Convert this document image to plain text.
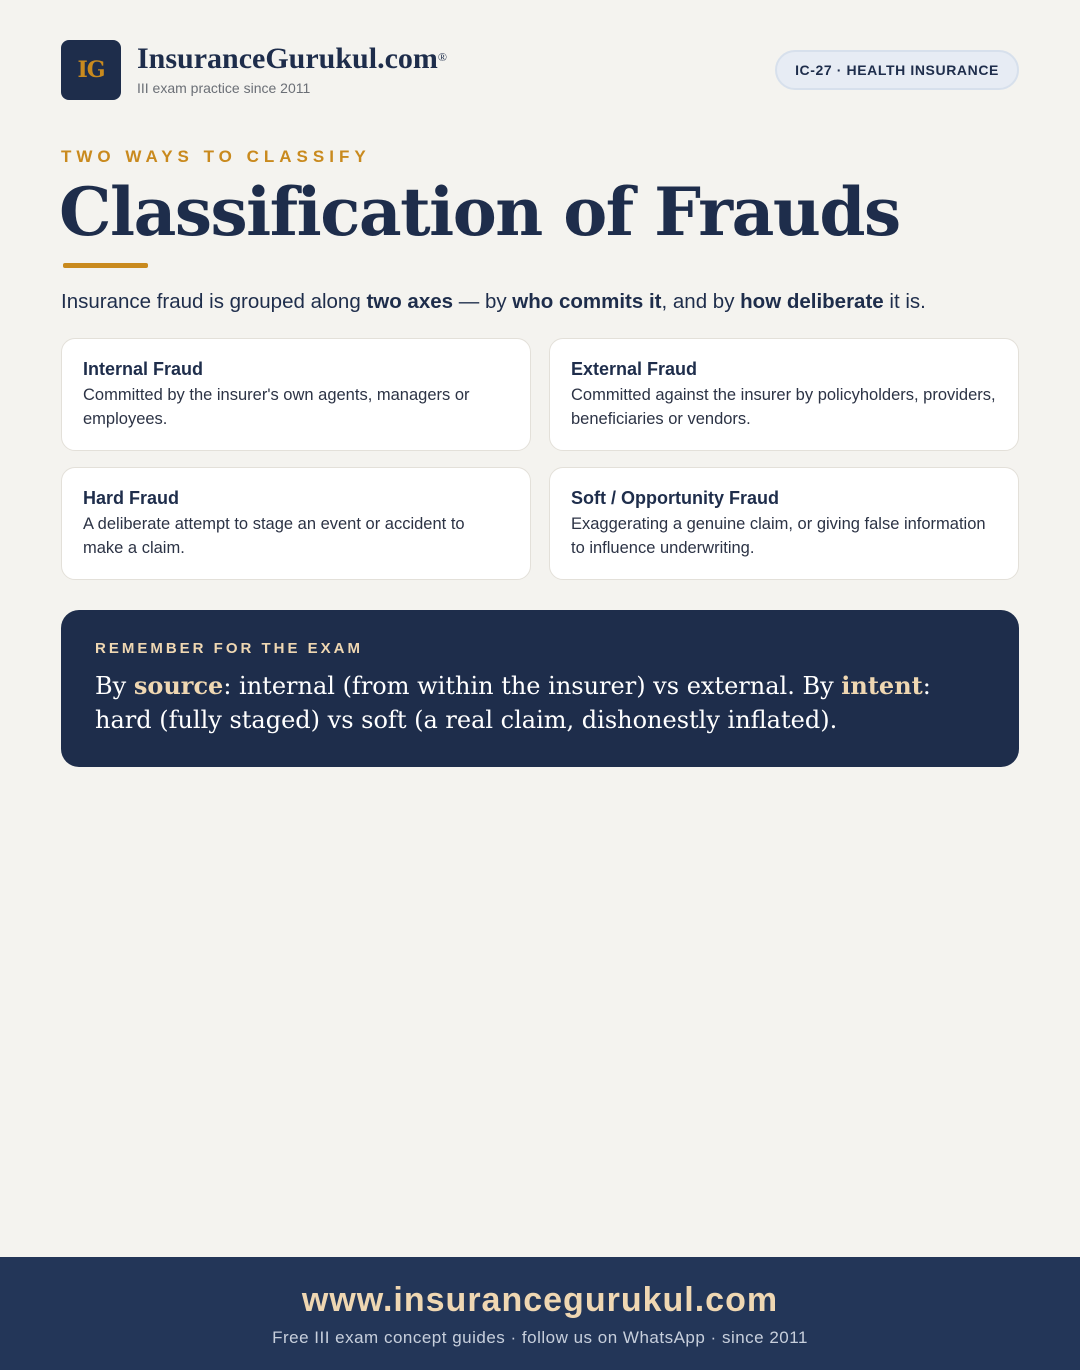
IG InsuranceGurukul.com®
III exam practice since 2011
IC-27 · HEALTH INSURANCE
TWO WAYS TO CLASSIFY
Classification of Frauds

Insurance fraud is grouped along two axes — by who commits it, and by how deliberate it is.

Internal Fraud

Committed by the insurer's own agents, managers or employees.

External Fraud

Committed against the insurer by policyholders, providers, beneficiaries or vendors.

Hard Fraud

A deliberate attempt to stage an event or accident to make a claim.

Soft / Opportunity Fraud

Exaggerating a genuine claim, or giving false information to influence underwriting.

REMEMBER FOR THE EXAM

By source: internal (from within the insurer) vs external. By intent: hard (fully staged) vs soft (a real claim, dishonestly inflated).

www.insurancegurukul.com
Free III exam concept guides · follow us on WhatsApp · since 2011
